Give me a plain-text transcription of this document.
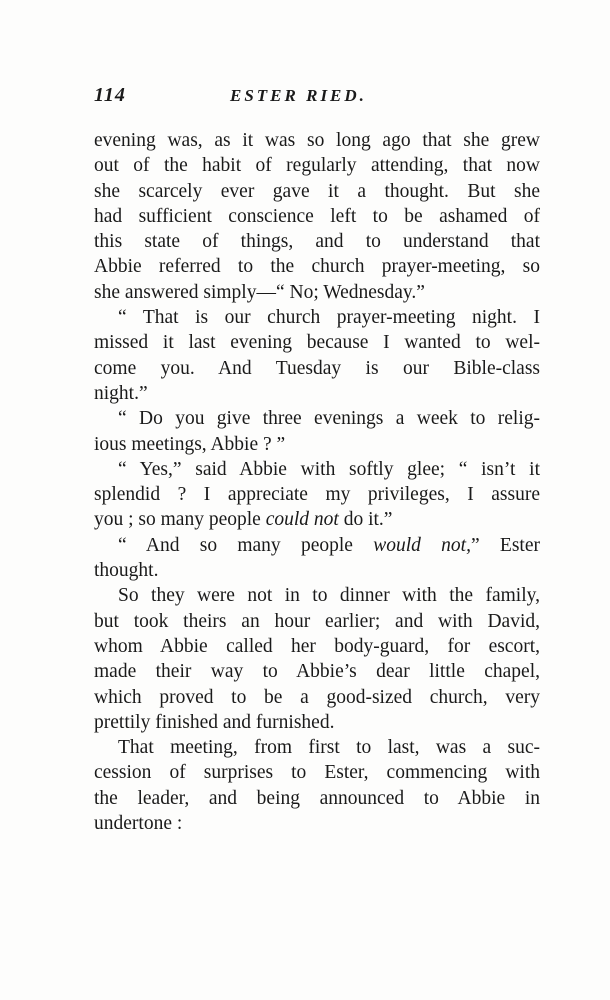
114	ESTER RIED.
evening was, as it was so long ago that she grew
out of the habit of regularly attending, that now
she scarcely ever gave it a thought. But she
had sufficient conscience left to be ashamed of
this state of things, and to understand that
Abbie referred to the church prayer-meeting, so
she answered simply—“ No; Wednesday.”
“ That is our church prayer-meeting night. I
missed it last evening because I wanted to wel-
come you. And Tuesday is our Bible-class
night.”
“ Do you give three evenings a week to relig-
ious meetings, Abbie ? ”
“ Yes,” said Abbie with softly glee; “ isn’t it
splendid ? I appreciate my privileges, I assure
you ; so many people could not do it.”
“ And so many people would not,” Ester
thought.
So they were not in to dinner with the family,
but took theirs an hour earlier; and with David,
whom Abbie called her body-guard, for escort,
made their way to Abbie’s dear little chapel,
which proved to be a good-sized church, very
prettily finished and furnished.
That meeting, from first to last, was a suc-
cession of surprises to Ester, commencing with
the leader, and being announced to Abbie in
undertone :
